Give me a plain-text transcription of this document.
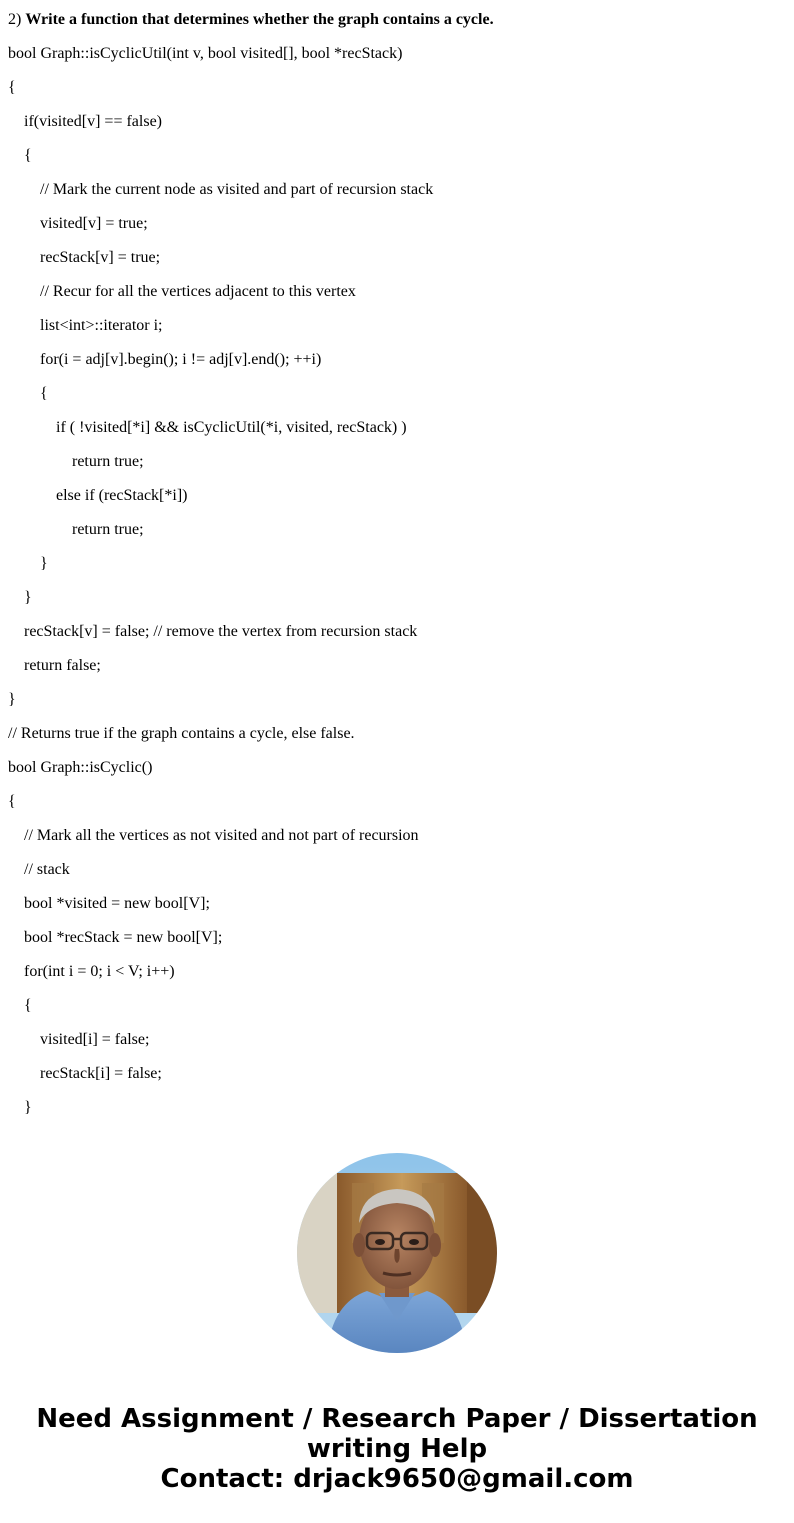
2) Write a function that determines whether the graph contains a cycle.
bool Graph::isCyclicUtil(int v, bool visited[], bool *recStack)
{
if(visited[v] == false)
{
// Mark the current node as visited and part of recursion stack
visited[v] = true;
recStack[v] = true;
// Recur for all the vertices adjacent to this vertex
list<int>::iterator i;
for(i = adj[v].begin(); i != adj[v].end(); ++i)
{
if ( !visited[*i] && isCyclicUtil(*i, visited, recStack) )
return true;
else if (recStack[*i])
return true;
}
}
recStack[v] = false; // remove the vertex from recursion stack
return false;
}
// Returns true if the graph contains a cycle, else false.
bool Graph::isCyclic()
{
// Mark all the vertices as not visited and not part of recursion
// stack
bool *visited = new bool[V];
bool *recStack = new bool[V];
for(int i = 0; i < V; i++)
{
visited[i] = false;
recStack[i] = false;
}
Need Assignment / Research Paper / Dissertation
writing Help
Contact: drjack9650@gmail.com
